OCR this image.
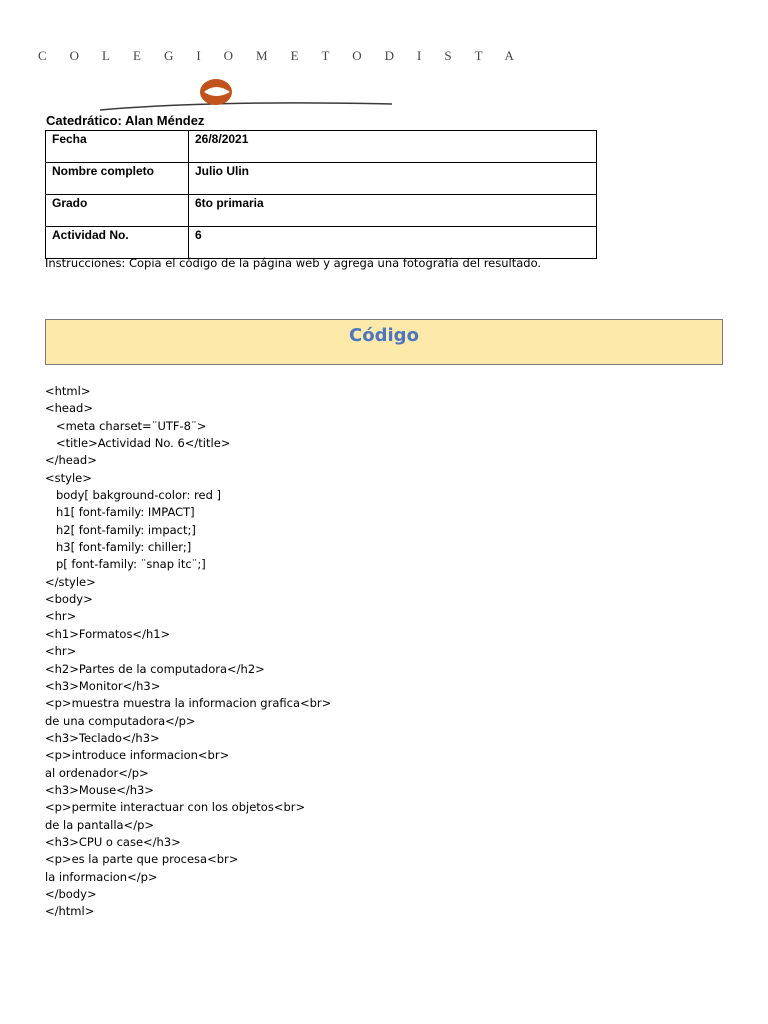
COLEGIOMETODISTA
Catedrático: Alan Méndez
Fecha	26/8/2021
Nombre completo	Julio Ulin
Grado	6to primaria
Actividad No.	6
Instrucciones: Copia el código de la página web y agrega una fotografía del resultado.
Código
<html>
<head>
<meta charset=¨UTF-8¨>
<title>Actividad No. 6</title>
</head>
<style>
body[ bakground-color: red ]
h1[ font-family: IMPACT]
h2[ font-family: impact;]
h3[ font-family: chiller;]
p[ font-family: ¨snap itc¨;]
</style>
<body>
<hr>
<h1>Formatos</h1>
<hr>
<h2>Partes de la computadora</h2>
<h3>Monitor</h3>
<p>muestra muestra la informacion grafica<br>
de una computadora</p>
<h3>Teclado</h3>
<p>introduce informacion<br>
al ordenador</p>
<h3>Mouse</h3>
<p>permite interactuar con los objetos<br>
de la pantalla</p>
<h3>CPU o case</h3>
<p>es la parte que procesa<br>
la informacion</p>
</body>
</html>
